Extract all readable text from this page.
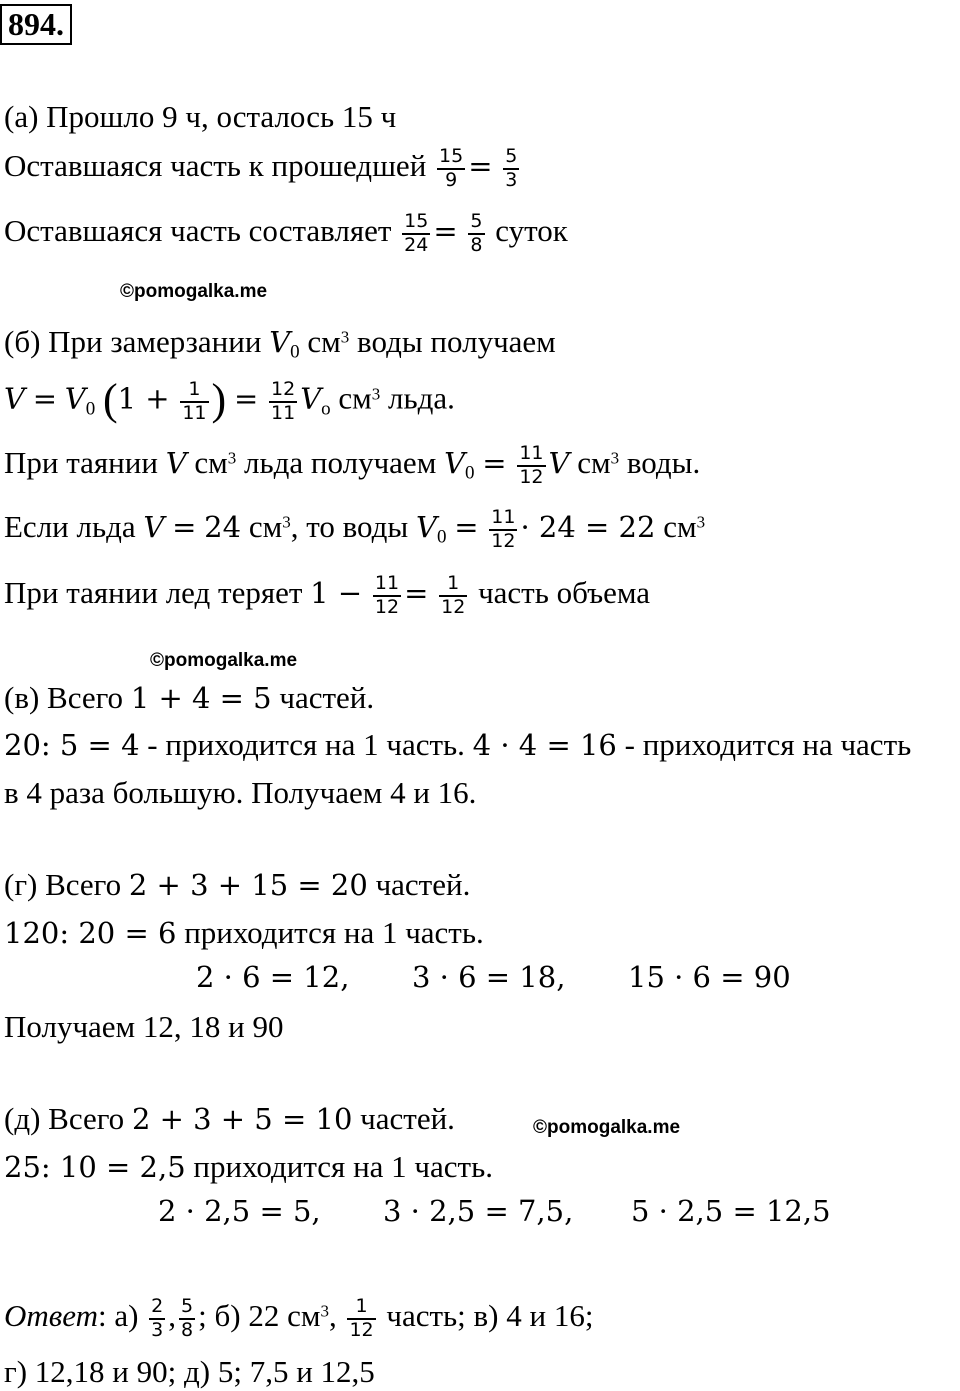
894.
(а) Прошло 9 ч, осталось 15 ч
Оставшаяся часть к прошедшей $\frac{15}{9} = \frac{5}{3}$
Оставшаяся часть составляет $\frac{15}{24} = \frac{5}{8}$ суток
©pomogalka.me
(б) При замерзании $V_0$ $см^3$ воды получаем
$V = V_0$ ($1 + \frac{1}{11}$ ) = $\frac{12}{11} V_o$ $см^3$ льда.
При таянии V $см^3$ льда получаем $V_0 = \frac{11}{12}$ V $см^3$ воды.
Если льда V = 24 $см^3$, то воды $V_0 = \frac{11}{12} \cdot 24 = 22$ $см^3$
При таянии лед теряет $1 - \frac{11}{12} = \frac{1}{12}$ часть объема
©pomogalka.me
(в) Всего 1 + 4 = 5 частей.
20: 5 = 4 - приходится на 1 часть. 4 · 4 = 16 - приходится на часть
в 4 раза большую. Получаем 4 и 16.
(г) Всего 2 + 3 + 15 = 20 частей.
120: 20 = 6 приходится на 1 часть.
2 · 6 = 12, 3 · 6 = 18, 15 · 6 = 90
Получаем 12, 18 и 90
(д) Всего 2 + 3 + 5 = 10 частей.	©pomogalka.me
25: 10 = 2,5 приходится на 1 часть.
2 · 2,5 = 5, 3 · 2,5 = 7,5, 5 · 2,5 = 12,5
Ответ: $а) \frac{2}{3}$ , $\frac{5}{8}$ ; б) 22 $см^3$, $\frac{1}{12}$ часть; в) 4 и 16;
г) 12,18 и 90; д) 5; 7,5 и 12,5
